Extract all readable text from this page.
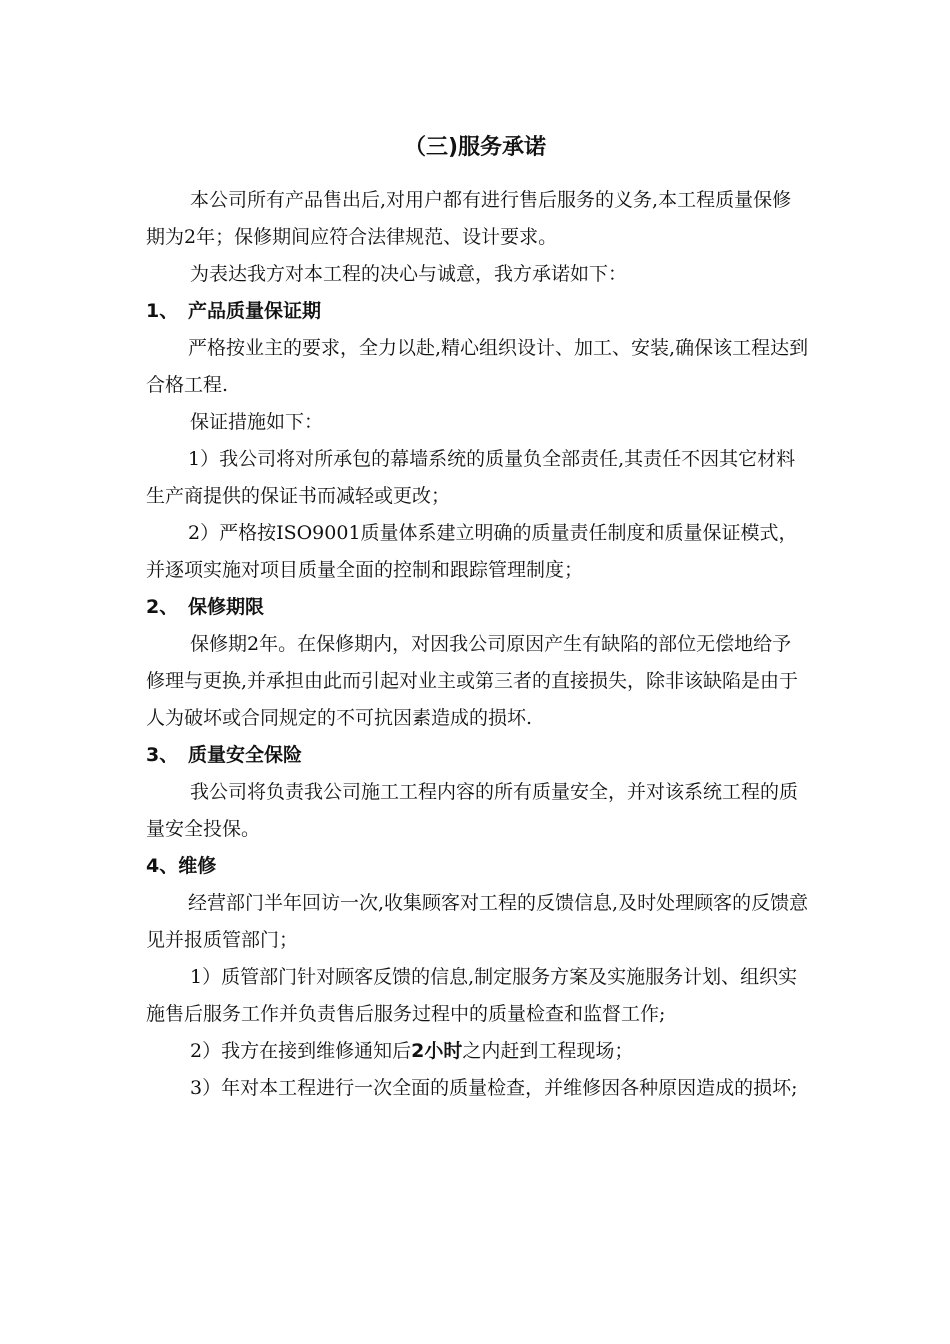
（三)服务承诺

本公司所有产品售出后,对用户都有进行售后服务的义务,本工程质量保修期为2年；保修期间应符合法律规范、设计要求。

为表达我方对本工程的决心与诚意，我方承诺如下：

1、 产品质量保证期

严格按业主的要求，全力以赴,精心组织设计、加工、安装,确保该工程达到合格工程.

保证措施如下：

1）我公司将对所承包的幕墙系统的质量负全部责任,其责任不因其它材料生产商提供的保证书而减轻或更改；

2）严格按ISO9001质量体系建立明确的质量责任制度和质量保证模式，并逐项实施对项目质量全面的控制和跟踪管理制度；

2、 保修期限

保修期2年。在保修期内，对因我公司原因产生有缺陷的部位无偿地给予修理与更换,并承担由此而引起对业主或第三者的直接损失，除非该缺陷是由于人为破坏或合同规定的不可抗因素造成的损坏.

3、 质量安全保险

我公司将负责我公司施工工程内容的所有质量安全，并对该系统工程的质量安全投保。

4、维修

经营部门半年回访一次,收集顾客对工程的反馈信息,及时处理顾客的反馈意见并报质管部门；

1）质管部门针对顾客反馈的信息,制定服务方案及实施服务计划、组织实施售后服务工作并负责售后服务过程中的质量检查和监督工作;

2）我方在接到维修通知后2小时之内赶到工程现场；

3）年对本工程进行一次全面的质量检查，并维修因各种原因造成的损坏;
